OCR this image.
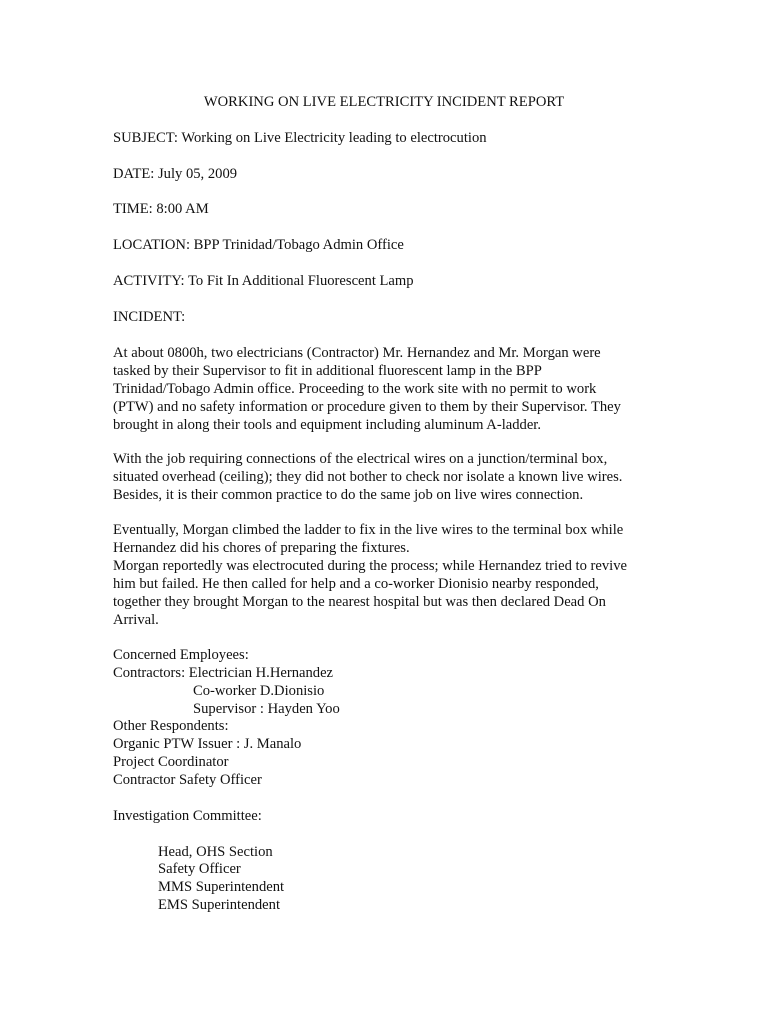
WORKING ON LIVE ELECTRICITY INCIDENT REPORT
SUBJECT: Working on Live Electricity leading to electrocution
DATE: July 05, 2009
TIME: 8:00 AM
LOCATION: BPP Trinidad/Tobago Admin Office
ACTIVITY: To Fit In Additional Fluorescent Lamp
INCIDENT:
At about 0800h, two electricians (Contractor) Mr. Hernandez and Mr. Morgan were
tasked by their Supervisor to fit in additional fluorescent lamp in the BPP
Trinidad/Tobago Admin office. Proceeding to the work site with no permit to work
(PTW) and no safety information or procedure given to them by their Supervisor. They
brought in along their tools and equipment including aluminum A-ladder.
With the job requiring connections of the electrical wires on a junction/terminal box,
situated overhead (ceiling); they did not bother to check nor isolate a known live wires.
Besides, it is their common practice to do the same job on live wires connection.
Eventually, Morgan climbed the ladder to fix in the live wires to the terminal box while
Hernandez did his chores of preparing the fixtures.
Morgan reportedly was electrocuted during the process; while Hernandez tried to revive
him but failed. He then called for help and a co-worker Dionisio nearby responded,
together they brought Morgan to the nearest hospital but was then declared Dead On
Arrival.
Concerned Employees:
Contractors: Electrician H.Hernandez
Co-worker D.Dionisio
Supervisor : Hayden Yoo
Other Respondents:
Organic PTW Issuer : J. Manalo
Project Coordinator
Contractor Safety Officer
Investigation Committee:
Head, OHS Section
Safety Officer
MMS Superintendent
EMS Superintendent
